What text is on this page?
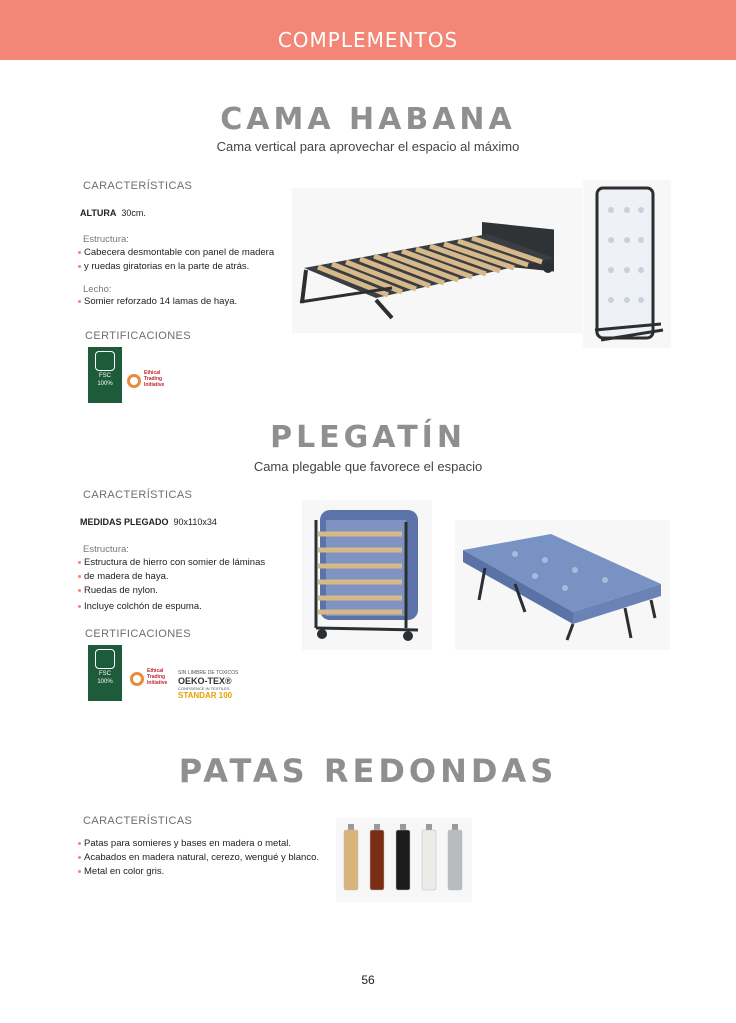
COMPLEMENTOS
CAMA HABANA
Cama vertical para aprovechar el espacio al máximo
CARACTERÍSTICAS
ALTURA 30cm.
Estructura:
Cabecera desmontable con panel de madera
y ruedas giratorias en la parte de atrás.
Lecho:
Somier reforzado 14 lamas de haya.
CERTIFICACIONES
FSC
100%
Ethical
Trading
Initiative
PLEGATÍN
Cama plegable que favorece el espacio
CARACTERÍSTICAS
MEDIDAS PLEGADO 90x110x34
Estructura:
Estructura de hierro con somier de láminas
de madera de haya.
Ruedas de nylon.
Incluye colchón de espuma.
CERTIFICACIONES
FSC
100%
Ethical
Trading
Initiative
SIN LIMBRE DE TOXICOS
OEKO-TEX®
CONFIDENCE IN TEXTILES
STANDAR 100
PATAS REDONDAS
CARACTERÍSTICAS
Patas para somieres y bases en madera o metal.
Acabados en madera natural, cerezo, wengué y blanco.
Metal en color gris.
56
